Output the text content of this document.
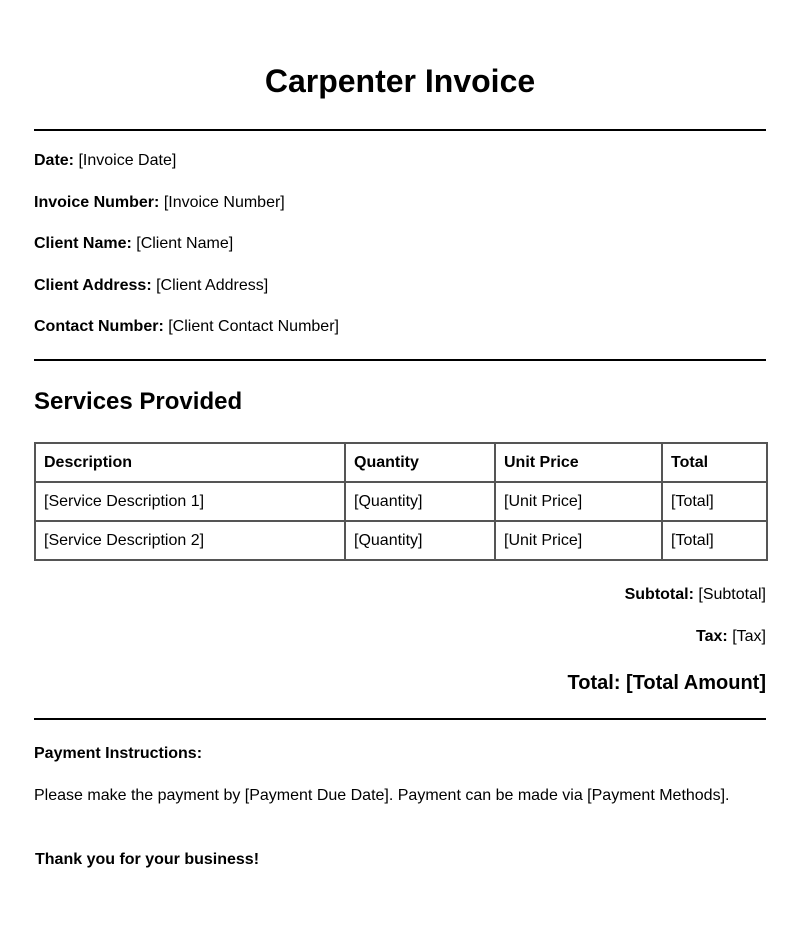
Carpenter Invoice
Date: [Invoice Date]
Invoice Number: [Invoice Number]
Client Name: [Client Name]
Client Address: [Client Address]
Contact Number: [Client Contact Number]
Services Provided
Description	Quantity	Unit Price	Total
[Service Description 1]	[Quantity]	[Unit Price]	[Total]
[Service Description 2]	[Quantity]	[Unit Price]	[Total]
Subtotal: [Subtotal]
Tax: [Tax]
Total: [Total Amount]
Payment Instructions:
Please make the payment by [Payment Due Date]. Payment can be made via [Payment Methods].
Thank you for your business!
